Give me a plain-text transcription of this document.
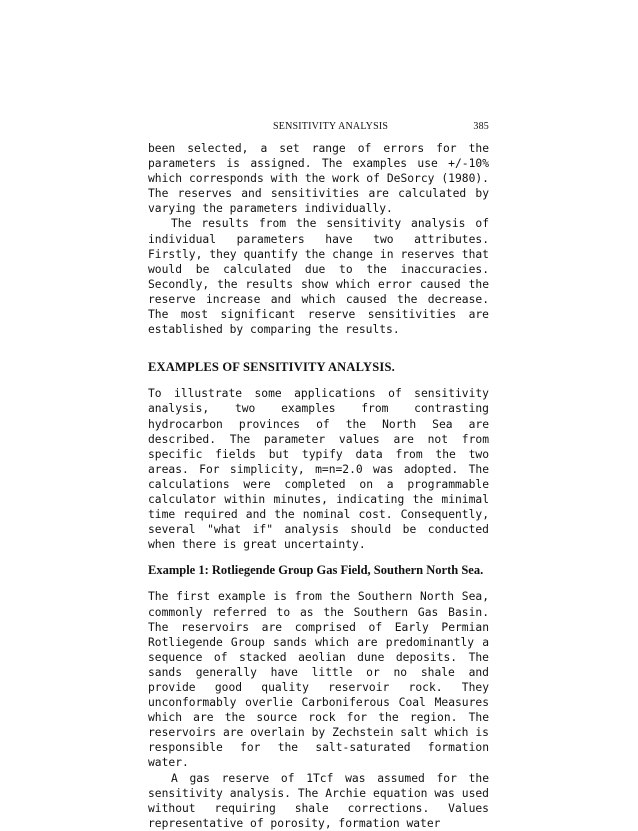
SENSITIVITY ANALYSIS	385

been selected, a set range of errors for the parameters is assigned. The examples use +/-10% which corresponds with the work of DeSorcy (1980). The reserves and sensitivities are calculated by varying the parameters individually.

The results from the sensitivity analysis of individual parameters have two attributes. Firstly, they quantify the change in reserves that would be calculated due to the inaccuracies. Secondly, the results show which error caused the reserve increase and which caused the decrease. The most significant reserve sensitivities are established by comparing the results.

EXAMPLES OF SENSITIVITY ANALYSIS.

To illustrate some applications of sensitivity analysis, two examples from contrasting hydrocarbon provinces of the North Sea are described. The parameter values are not from specific fields but typify data from the two areas. For simplicity, m=n=2.0 was adopted. The calculations were completed on a programmable calculator within minutes, indicating the minimal time required and the nominal cost. Consequently, several "what if" analysis should be conducted when there is great uncertainty.

Example 1: Rotliegende Group Gas Field, Southern North Sea.

The first example is from the Southern North Sea, commonly referred to as the Southern Gas Basin. The reservoirs are comprised of Early Permian Rotliegende Group sands which are predominantly a sequence of stacked aeolian dune deposits. The sands generally have little or no shale and provide good quality reservoir rock. They unconformably overlie Carboniferous Coal Measures which are the source rock for the region. The reservoirs are overlain by Zechstein salt which is responsible for the salt-saturated formation water.

A gas reserve of 1Tcf was assumed for the sensitivity analysis. The Archie equation was used without requiring shale corrections. Values representative of porosity, formation water
